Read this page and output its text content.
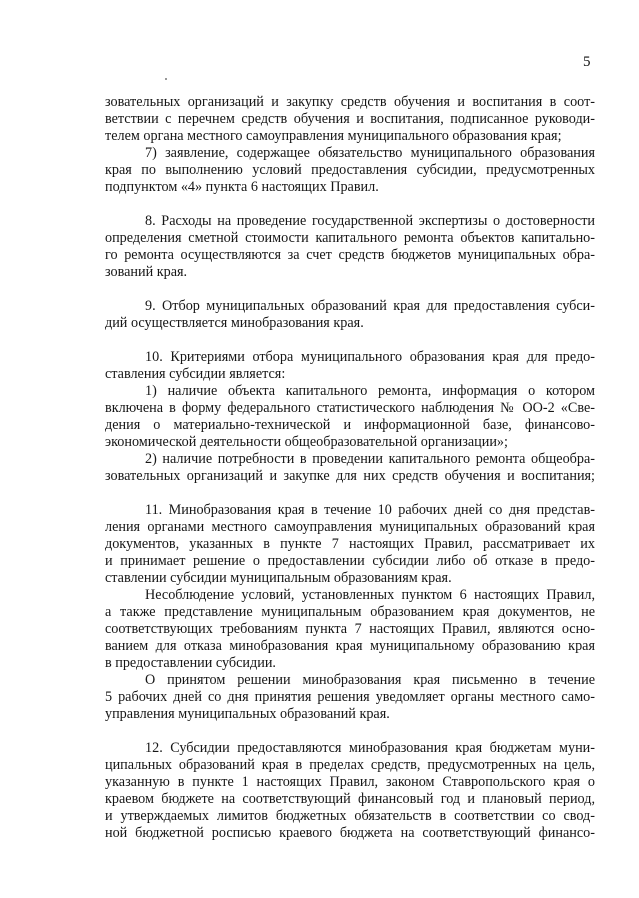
5
зовательных организаций и закупку средств обучения и воспитания в соот-
ветствии с перечнем средств обучения и воспитания, подписанное руководи-
телем органа местного самоуправления муниципального образования края;
7) заявление, содержащее обязательство муниципального образования
края по выполнению условий предоставления субсидии, предусмотренных
подпунктом «4» пункта 6 настоящих Правил.
8. Расходы на проведение государственной экспертизы о достоверности
определения сметной стоимости капитального ремонта объектов капитально-
го ремонта осуществляются за счет средств бюджетов муниципальных обра-
зований края.
9. Отбор муниципальных образований края для предоставления субси-
дий осуществляется минобразования края.
10. Критериями отбора муниципального образования края для предо-
ставления субсидии является:
1) наличие объекта капитального ремонта, информация о котором
включена в форму федерального статистического наблюдения № ОО-2 «Све-
дения о материально-технической и информационной базе, финансово-
экономической деятельности общеобразовательной организации»;
2) наличие потребности в проведении капитального ремонта общеобра-
зовательных организаций и закупке для них средств обучения и воспитания;
11. Минобразования края в течение 10 рабочих дней со дня представ-
ления органами местного самоуправления муниципальных образований края
документов, указанных в пункте 7 настоящих Правил, рассматривает их
и принимает решение о предоставлении субсидии либо об отказе в предо-
ставлении субсидии муниципальным образованиям края.
Несоблюдение условий, установленных пунктом 6 настоящих Правил,
а также представление муниципальным образованием края документов, не
соответствующих требованиям пункта 7 настоящих Правил, являются осно-
ванием для отказа минобразования края муниципальному образованию края
в предоставлении субсидии.
О принятом решении минобразования края письменно в течение
5 рабочих дней со дня принятия решения уведомляет органы местного само-
управления муниципальных образований края.
12. Субсидии предоставляются минобразования края бюджетам муни-
ципальных образований края в пределах средств, предусмотренных на цель,
указанную в пункте 1 настоящих Правил, законом Ставропольского края о
краевом бюджете на соответствующий финансовый год и плановый период,
и утверждаемых лимитов бюджетных обязательств в соответствии со свод-
ной бюджетной росписью краевого бюджета на соответствующий финансо-
